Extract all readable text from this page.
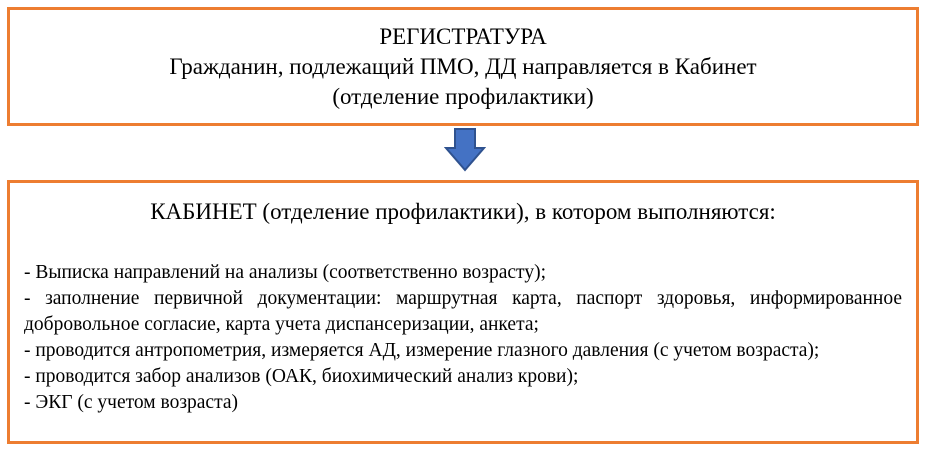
РЕГИСТРАТУРА
Гражданин, подлежащий ПМО, ДД направляется в Кабинет
(отделение профилактики)
КАБИНЕТ (отделение профилактики), в котором выполняются:
- Выписка направлений на анализы (соответственно возрасту);
- заполнение первичной документации: маршрутная карта, паспорт здоровья, информированное добровольное согласие, карта учета диспансеризации, анкета;
- проводится антропометрия, измеряется АД, измерение глазного давления (с учетом возраста);
- проводится забор анализов (ОАК, биохимический анализ крови);
- ЭКГ (с учетом возраста)
